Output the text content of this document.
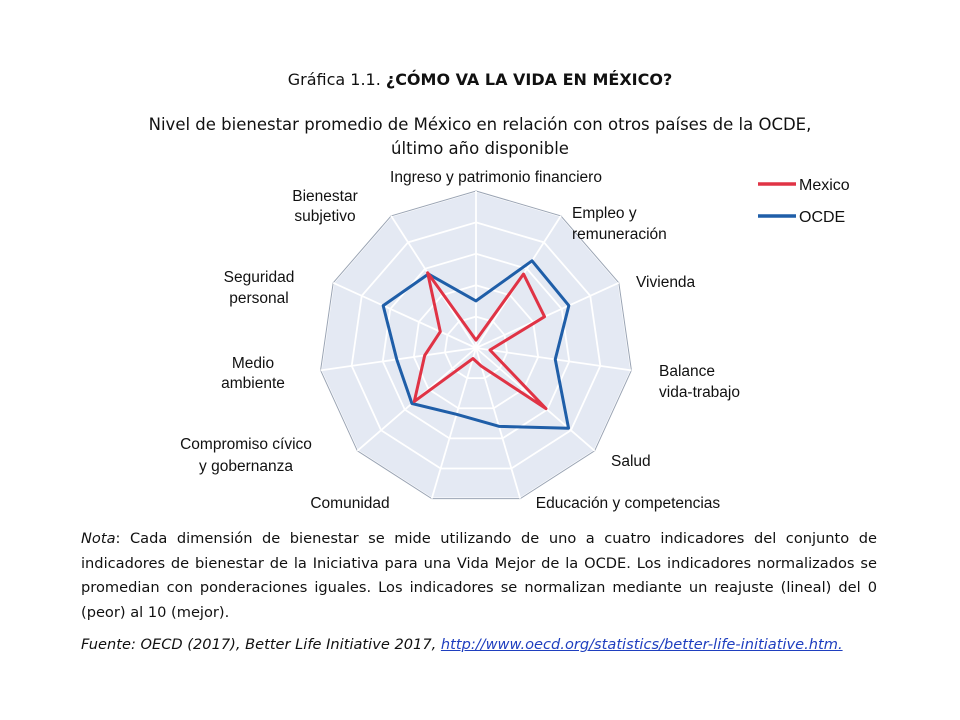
Gráfica 1.1. ¿CÓMO VA LA VIDA EN MÉXICO?
Nivel de bienestar promedio de México en relación con otros países de la OCDE,
último año disponible
Ingreso y patrimonio financiero
Empleo y remuneración
Vivienda
Balance vida-trabajo
Salud
Educación y competencias
Comunidad
Compromiso cívico y gobernanza
Medio ambiente
Seguridad personal
Bienestar subjetivo
Mexico
OCDE
Nota: Cada dimensión de bienestar se mide utilizando de uno a cuatro indicadores del conjunto de indicadores de bienestar de la Iniciativa para una Vida Mejor de la OCDE. Los indicadores normalizados se promedian con ponderaciones iguales. Los indicadores se normalizan mediante un reajuste (lineal) del 0 (peor) al 10 (mejor).
Fuente: OECD (2017), Better Life Initiative 2017, http://www.oecd.org/statistics/better-life-initiative.htm.
